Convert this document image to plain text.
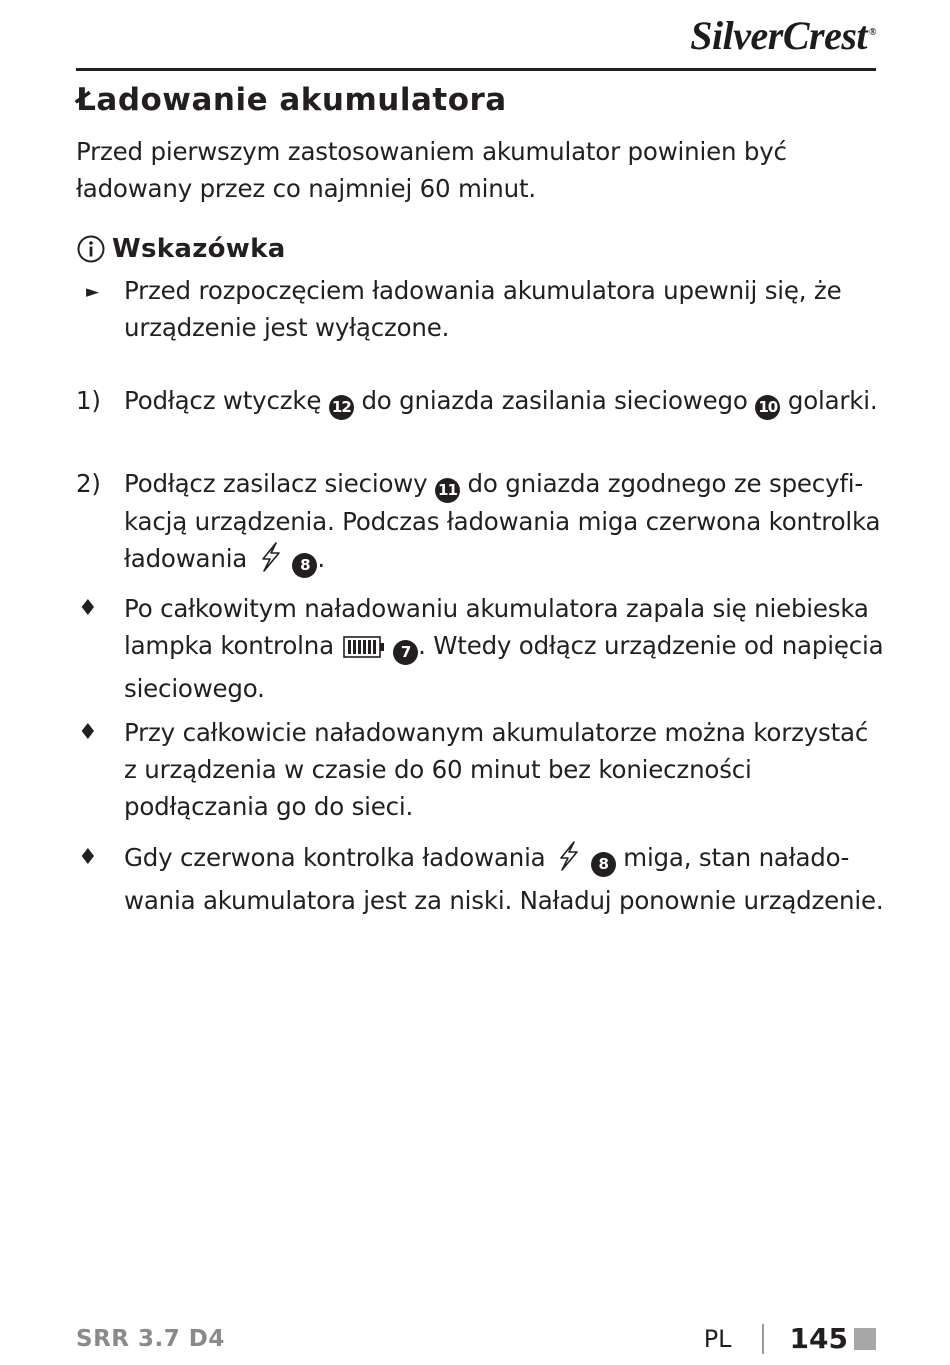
SilverCrest ®
Ładowanie akumulatora

Przed pierwszym zastosowaniem akumulator powinien być ładowany przez co najmniej 60 minut.

Wskazówka
►	Przed rozpoczęciem ładowania akumulatora upewnij się, że urządzenie jest wyłączone.
1) Podłącz wtyczkę 12 do gniazda zasilania sieciowego 10 golarki.
2) Podłącz zasilacz sieciowy 11 do gniazda zgodnego ze specyfikacją urządzenia. Podczas ładowania miga czerwona kontrolka ładowania	8 .
♦	Po całkowitym naładowaniu akumulatora zapala się niebieska lampka kontrolna	7 . Wtedy odłącz urządzenie od napięcia sieciowego.
♦	Przy całkowicie naładowanym akumulatorze można korzystać z urządzenia w czasie do 60 minut bez konieczności podłączania go do sieci.
♦	Gdy czerwona kontrolka ładowania	8 miga, stan naładowania akumulatora jest za niski. Naładuj ponownie urządzenie.
SRR 3.7 D4	PL 145
